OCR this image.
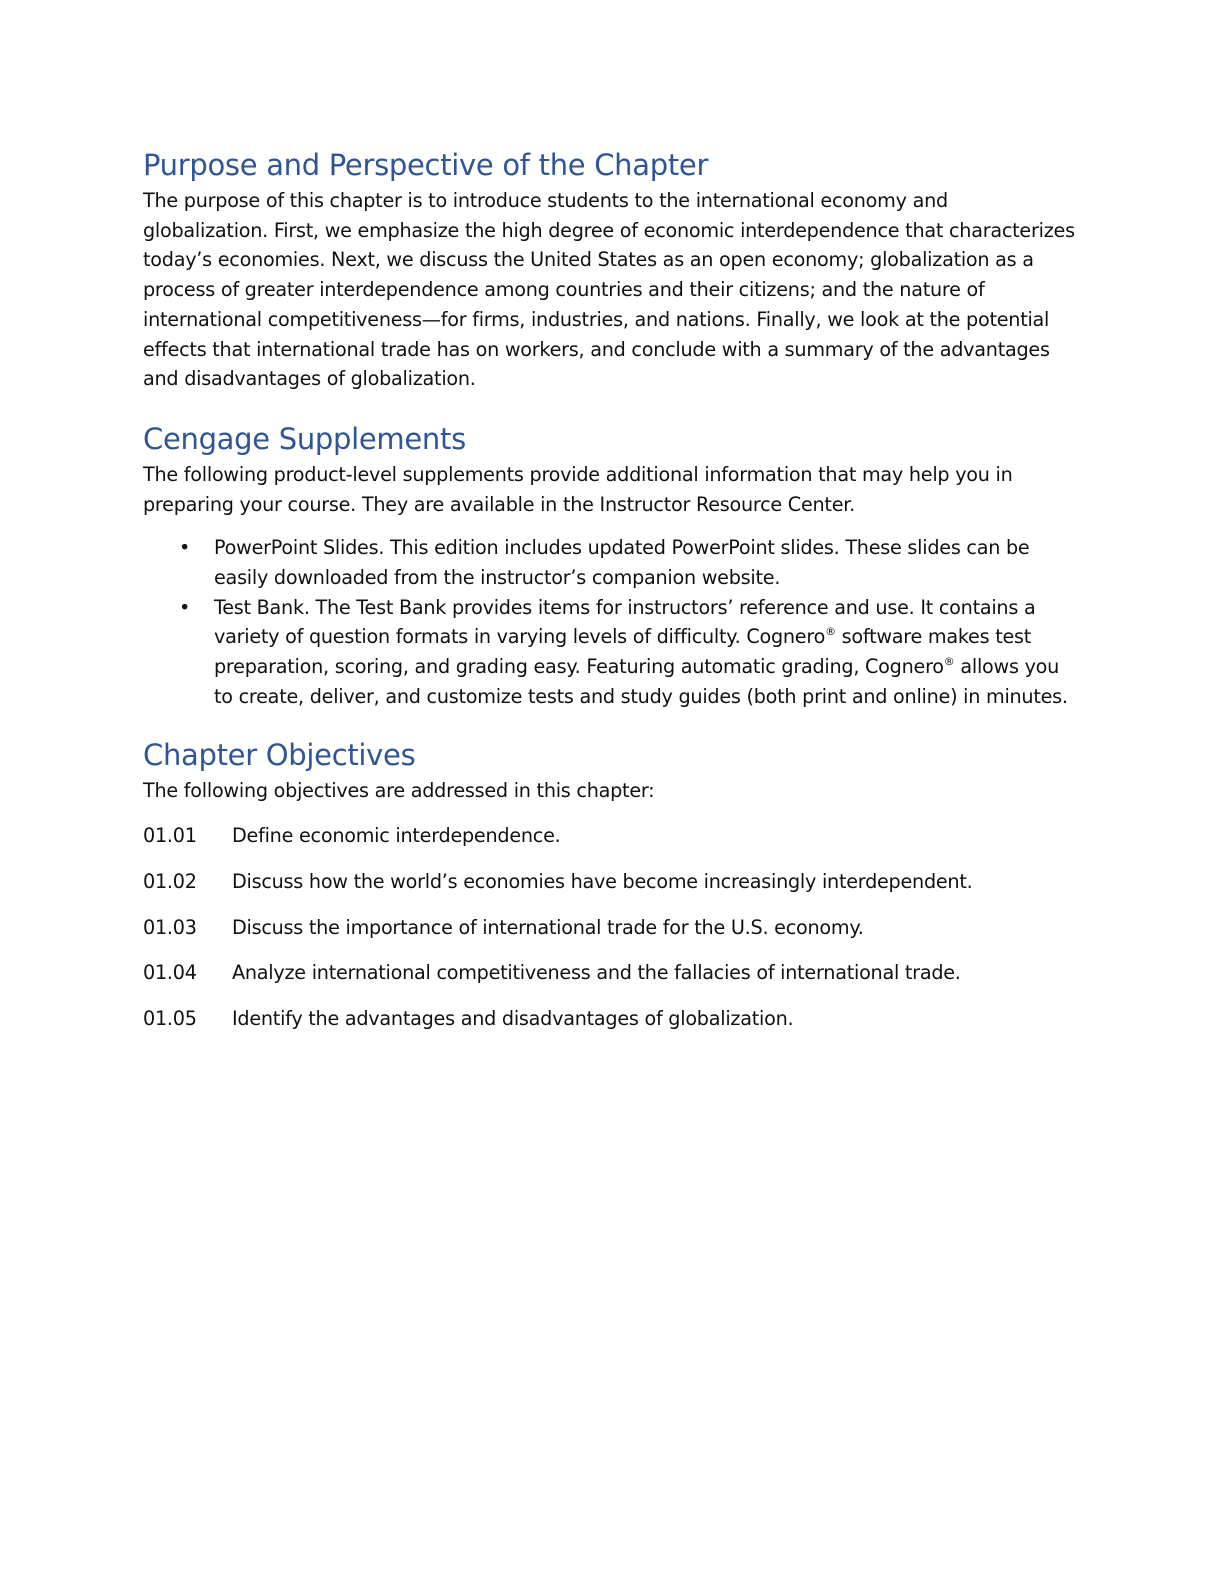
Purpose and Perspective of the Chapter

The purpose of this chapter is to introduce students to the international economy and globalization. First, we emphasize the high degree of economic interdependence that characterizes today’s economies. Next, we discuss the United States as an open economy; globalization as a process of greater interdependence among countries and their citizens; and the nature of international competitiveness—for firms, industries, and nations. Finally, we look at the potential effects that international trade has on workers, and conclude with a summary of the advantages and disadvantages of globalization.

Cengage Supplements

The following product-level supplements provide additional information that may help you in preparing your course. They are available in the Instructor Resource Center.

• PowerPoint Slides. This edition includes updated PowerPoint slides. These slides can be easily downloaded from the instructor’s companion website.
• Test Bank. The Test Bank provides items for instructors’ reference and use. It contains a variety of question formats in varying levels of difficulty. Cognero® software makes test preparation, scoring, and grading easy. Featuring automatic grading, Cognero® allows you to create, deliver, and customize tests and study guides (both print and online) in minutes.
Chapter Objectives

The following objectives are addressed in this chapter:

01.01	Define economic interdependence.
01.02	Discuss how the world’s economies have become increasingly interdependent.
01.03	Discuss the importance of international trade for the U.S. economy.
01.04	Analyze international competitiveness and the fallacies of international trade.
01.05	Identify the advantages and disadvantages of globalization.
